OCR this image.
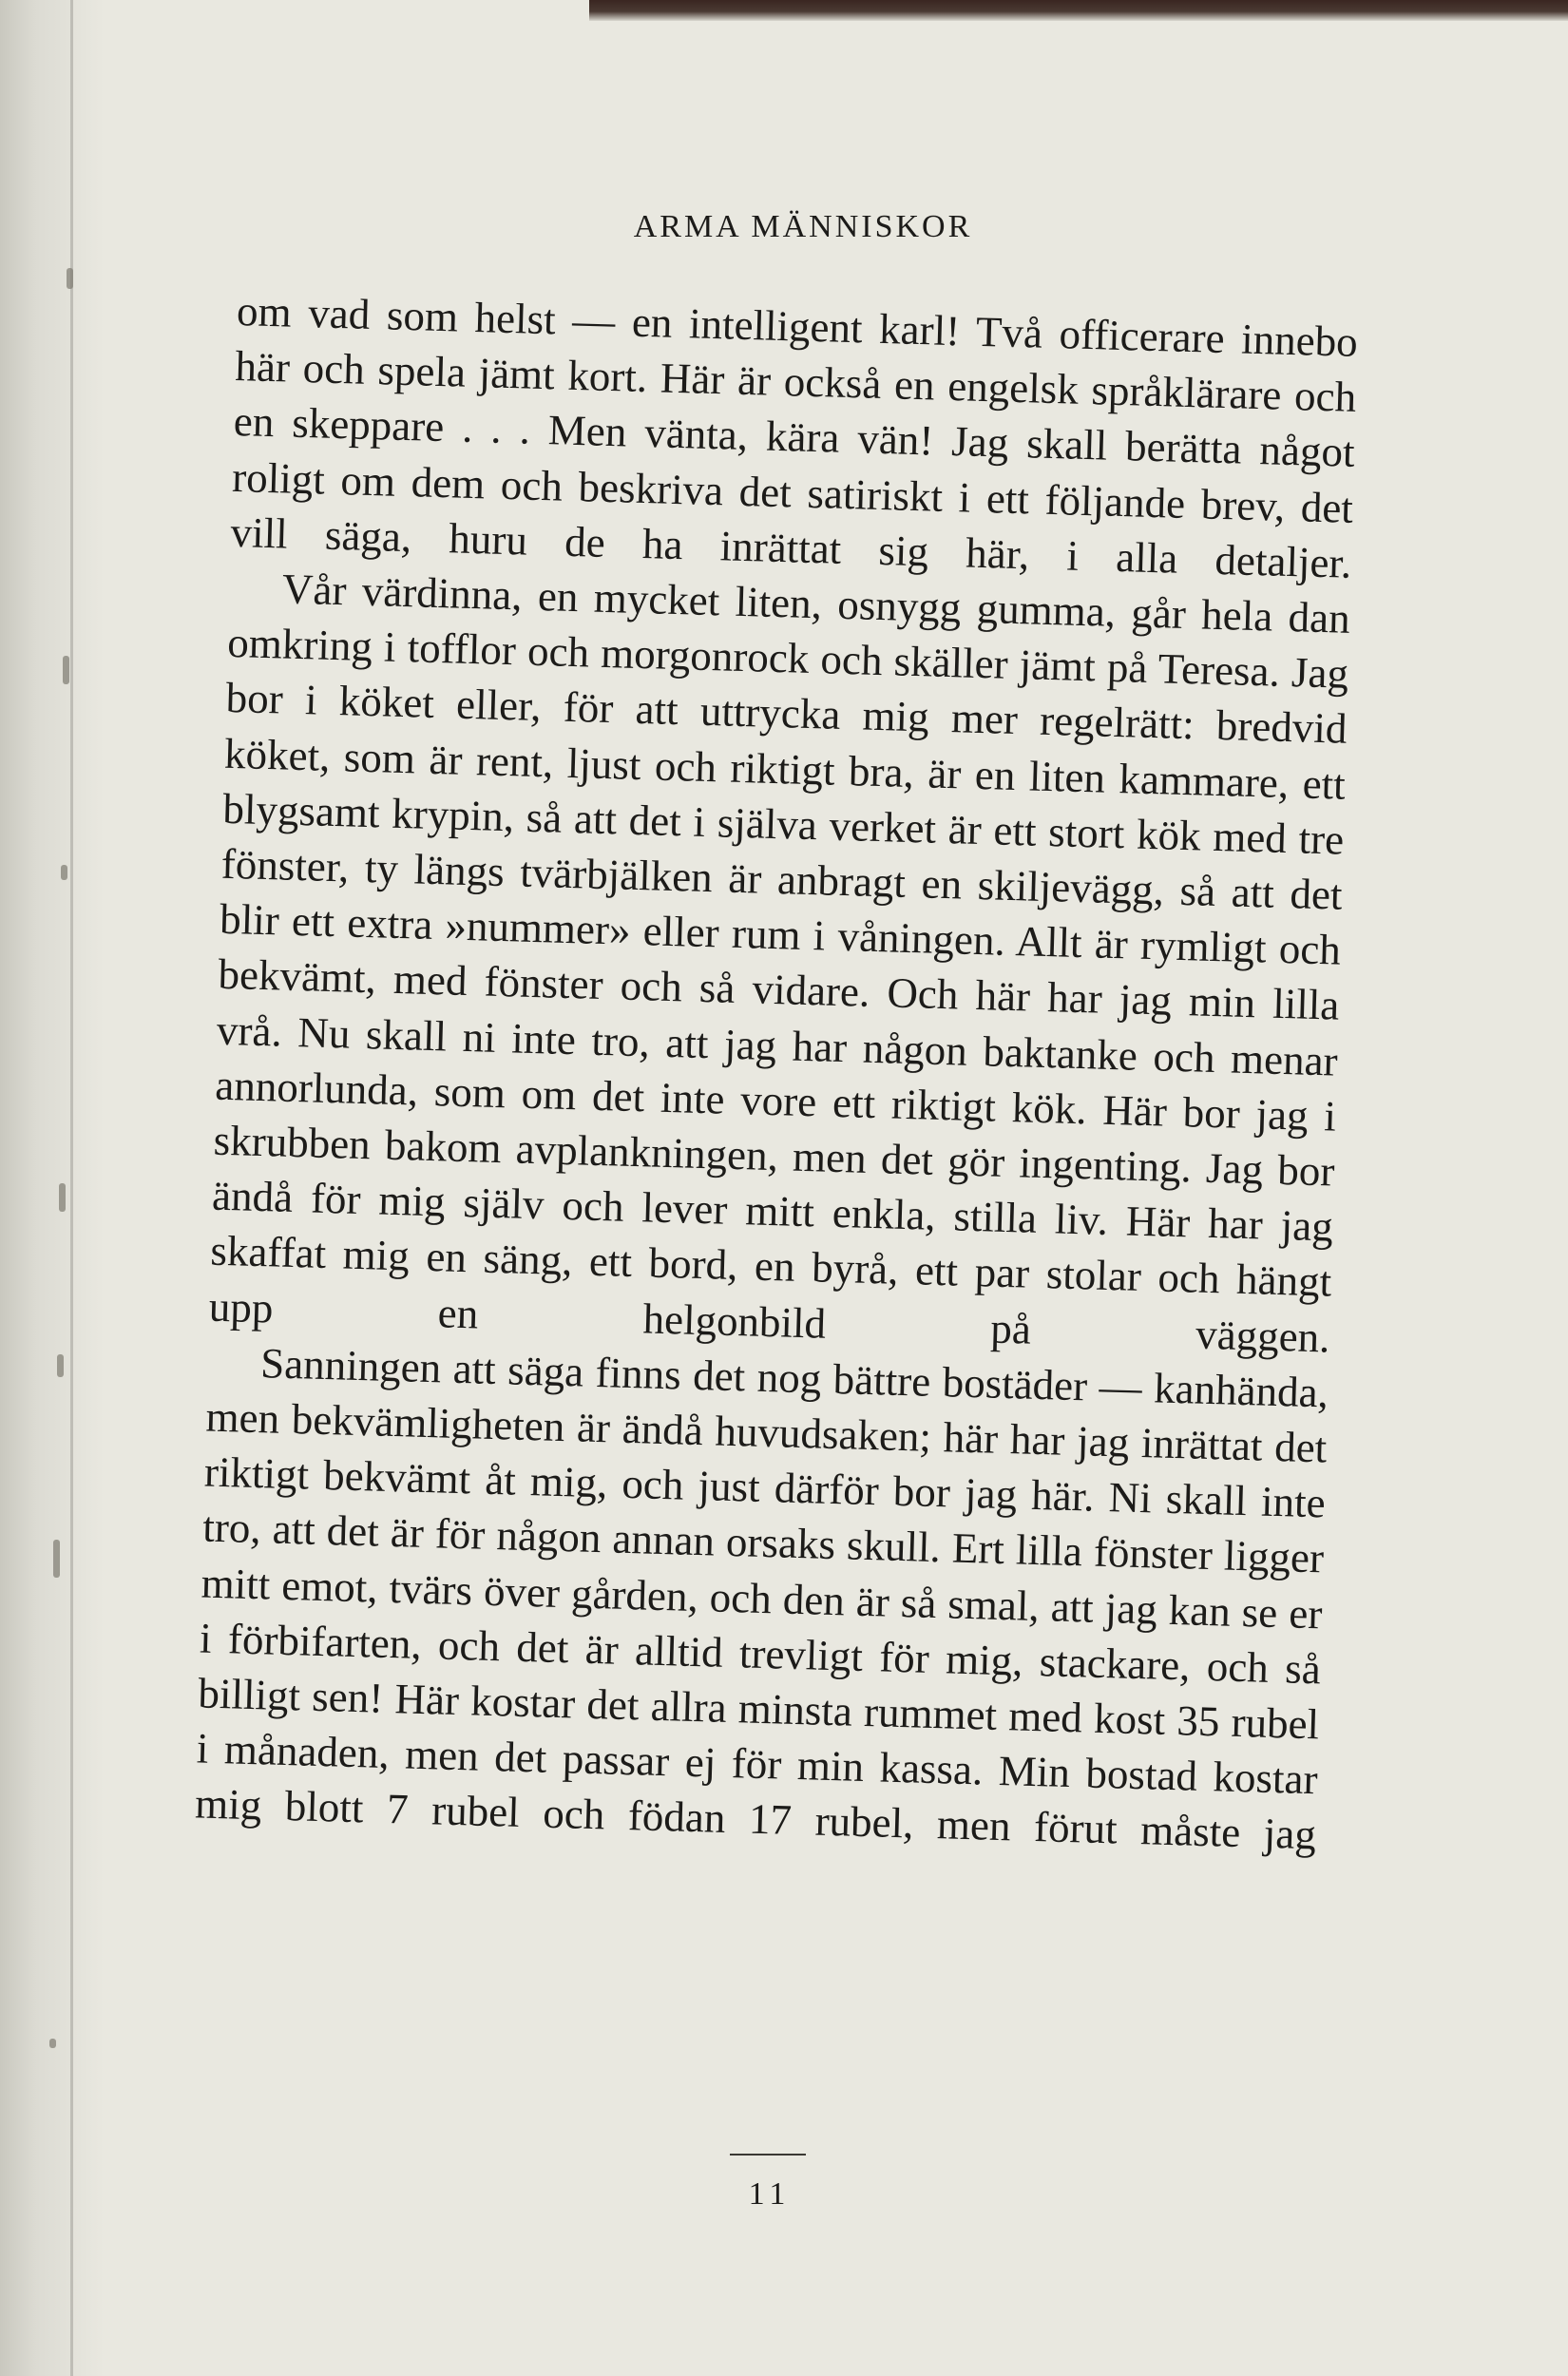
ARMA MÄNNISKOR

om vad som helst — en intelligent karl! Två officerare innebo här och spela jämt kort. Här är också en engelsk språklärare och en skeppare . . . Men vänta, kära vän! Jag skall berätta något roligt om dem och beskriva det satiriskt i ett följande brev, det vill säga, huru de ha inrättat sig här, i alla detaljer.

Vår värdinna, en mycket liten, osnygg gumma, går hela dan omkring i tofflor och morgonrock och skäller jämt på Teresa. Jag bor i köket eller, för att uttrycka mig mer regelrätt: bredvid köket, som är rent, ljust och riktigt bra, är en liten kammare, ett blygsamt krypin, så att det i själva verket är ett stort kök med tre fönster, ty längs tvärbjälken är anbragt en skiljevägg, så att det blir ett extra »nummer» eller rum i våningen. Allt är rymligt och bekvämt, med fönster och så vidare. Och här har jag min lilla vrå. Nu skall ni inte tro, att jag har någon baktanke och menar annorlunda, som om det inte vore ett riktigt kök. Här bor jag i skrubben bakom avplankningen, men det gör ingenting. Jag bor ändå för mig själv och lever mitt enkla, stilla liv. Här har jag skaffat mig en säng, ett bord, en byrå, ett par stolar och hängt upp en helgonbild på väggen.

Sanningen att säga finns det nog bättre bostäder — kanhända, men bekvämligheten är ändå huvudsaken; här har jag inrättat det riktigt bekvämt åt mig, och just därför bor jag här. Ni skall inte tro, att det är för någon annan orsaks skull. Ert lilla fönster ligger mitt emot, tvärs över gården, och den är så smal, att jag kan se er i förbifarten, och det är alltid trevligt för mig, stackare, och så billigt sen! Här kostar det allra minsta rummet med kost 35 rubel i månaden, men det passar ej för min kassa. Min bostad kostar mig blott 7 rubel och födan 17 rubel, men förut måste jag

11
